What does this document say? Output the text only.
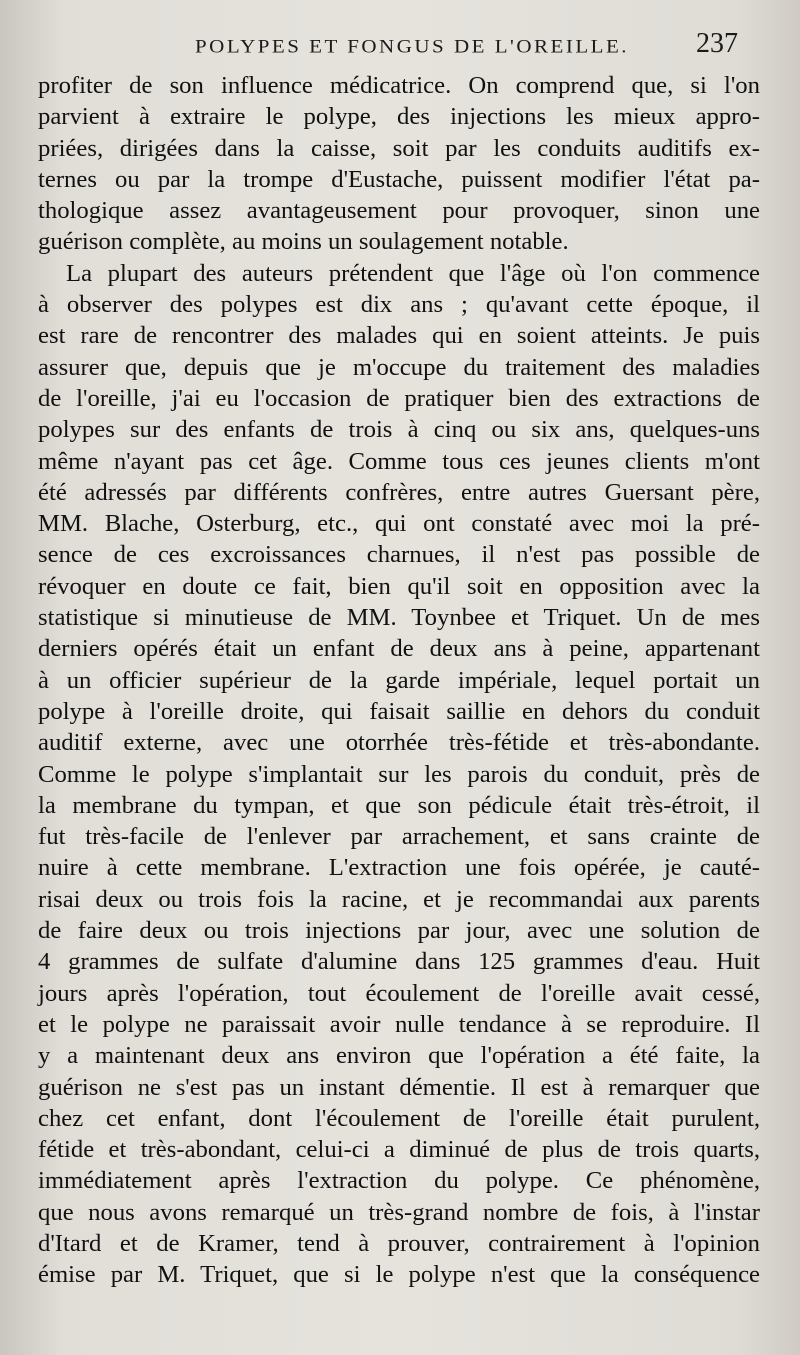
POLYPES ET FONGUS DE L'OREILLE. 237
profiter de son influence médicatrice. On comprend que, si l'on
parvient à extraire le polype, des injections les mieux appro-
priées, dirigées dans la caisse, soit par les conduits auditifs ex-
ternes ou par la trompe d'Eustache, puissent modifier l'état pa-
thologique assez avantageusement pour provoquer, sinon une
guérison complète, au moins un soulagement notable.
La plupart des auteurs prétendent que l'âge où l'on commence
à observer des polypes est dix ans ; qu'avant cette époque, il
est rare de rencontrer des malades qui en soient atteints. Je puis
assurer que, depuis que je m'occupe du traitement des maladies
de l'oreille, j'ai eu l'occasion de pratiquer bien des extractions de
polypes sur des enfants de trois à cinq ou six ans, quelques-uns
même n'ayant pas cet âge. Comme tous ces jeunes clients m'ont
été adressés par différents confrères, entre autres Guersant père,
MM. Blache, Osterburg, etc., qui ont constaté avec moi la pré-
sence de ces excroissances charnues, il n'est pas possible de
révoquer en doute ce fait, bien qu'il soit en opposition avec la
statistique si minutieuse de MM. Toynbee et Triquet. Un de mes
derniers opérés était un enfant de deux ans à peine, appartenant
à un officier supérieur de la garde impériale, lequel portait un
polype à l'oreille droite, qui faisait saillie en dehors du conduit
auditif externe, avec une otorrhée très-fétide et très-abondante.
Comme le polype s'implantait sur les parois du conduit, près de
la membrane du tympan, et que son pédicule était très-étroit, il
fut très-facile de l'enlever par arrachement, et sans crainte de
nuire à cette membrane. L'extraction une fois opérée, je cauté-
risai deux ou trois fois la racine, et je recommandai aux parents
de faire deux ou trois injections par jour, avec une solution de
4 grammes de sulfate d'alumine dans 125 grammes d'eau. Huit
jours après l'opération, tout écoulement de l'oreille avait cessé,
et le polype ne paraissait avoir nulle tendance à se reproduire. Il
y a maintenant deux ans environ que l'opération a été faite, la
guérison ne s'est pas un instant démentie. Il est à remarquer que
chez cet enfant, dont l'écoulement de l'oreille était purulent,
fétide et très-abondant, celui-ci a diminué de plus de trois quarts,
immédiatement après l'extraction du polype. Ce phénomène,
que nous avons remarqué un très-grand nombre de fois, à l'instar
d'Itard et de Kramer, tend à prouver, contrairement à l'opinion
émise par M. Triquet, que si le polype n'est que la conséquence
